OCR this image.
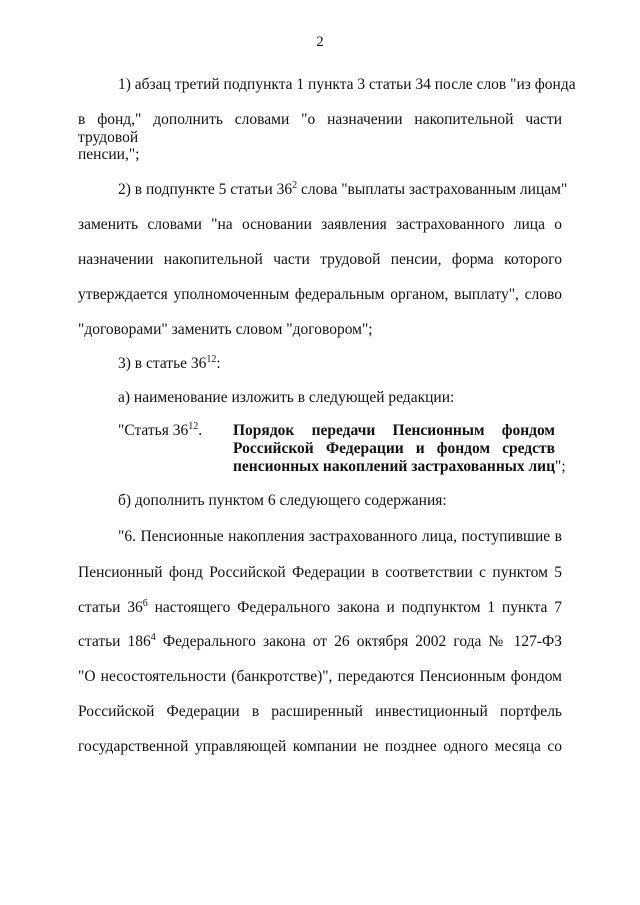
2
1) абзац третий подпункта 1 пункта 3 статьи 34 после слов "из фонда
в фонд," дополнить словами "о назначении накопительной части трудовой
пенсии,";
2) в подпункте 5 статьи $36^2$ слова "выплаты застрахованным лицам"
заменить словами "на основании заявления застрахованного лица о
назначении накопительной части трудовой пенсии, форма которого
утверждается уполномоченным федеральным органом, выплату", слово
"договорами" заменить словом "договором";
3) в статье $36^{12}$:
а) наименование изложить в следующей редакции:
"Статья $36^{12}$. Порядок передачи Пенсионным фондом
Российской Федерации и фондом средств
пенсионных накоплений застрахованных лиц";
б) дополнить пунктом 6 следующего содержания:
"6. Пенсионные накопления застрахованного лица, поступившие в
Пенсионный фонд Российской Федерации в соответствии с пунктом 5
статьи $36^6$ настоящего Федерального закона и подпунктом 1 пункта 7
статьи $186^4$ Федерального закона от 26 октября 2002 года № 127-ФЗ
"О несостоятельности (банкротстве)", передаются Пенсионным фондом
Российской Федерации в расширенный инвестиционный портфель
государственной управляющей компании не позднее одного месяца со
